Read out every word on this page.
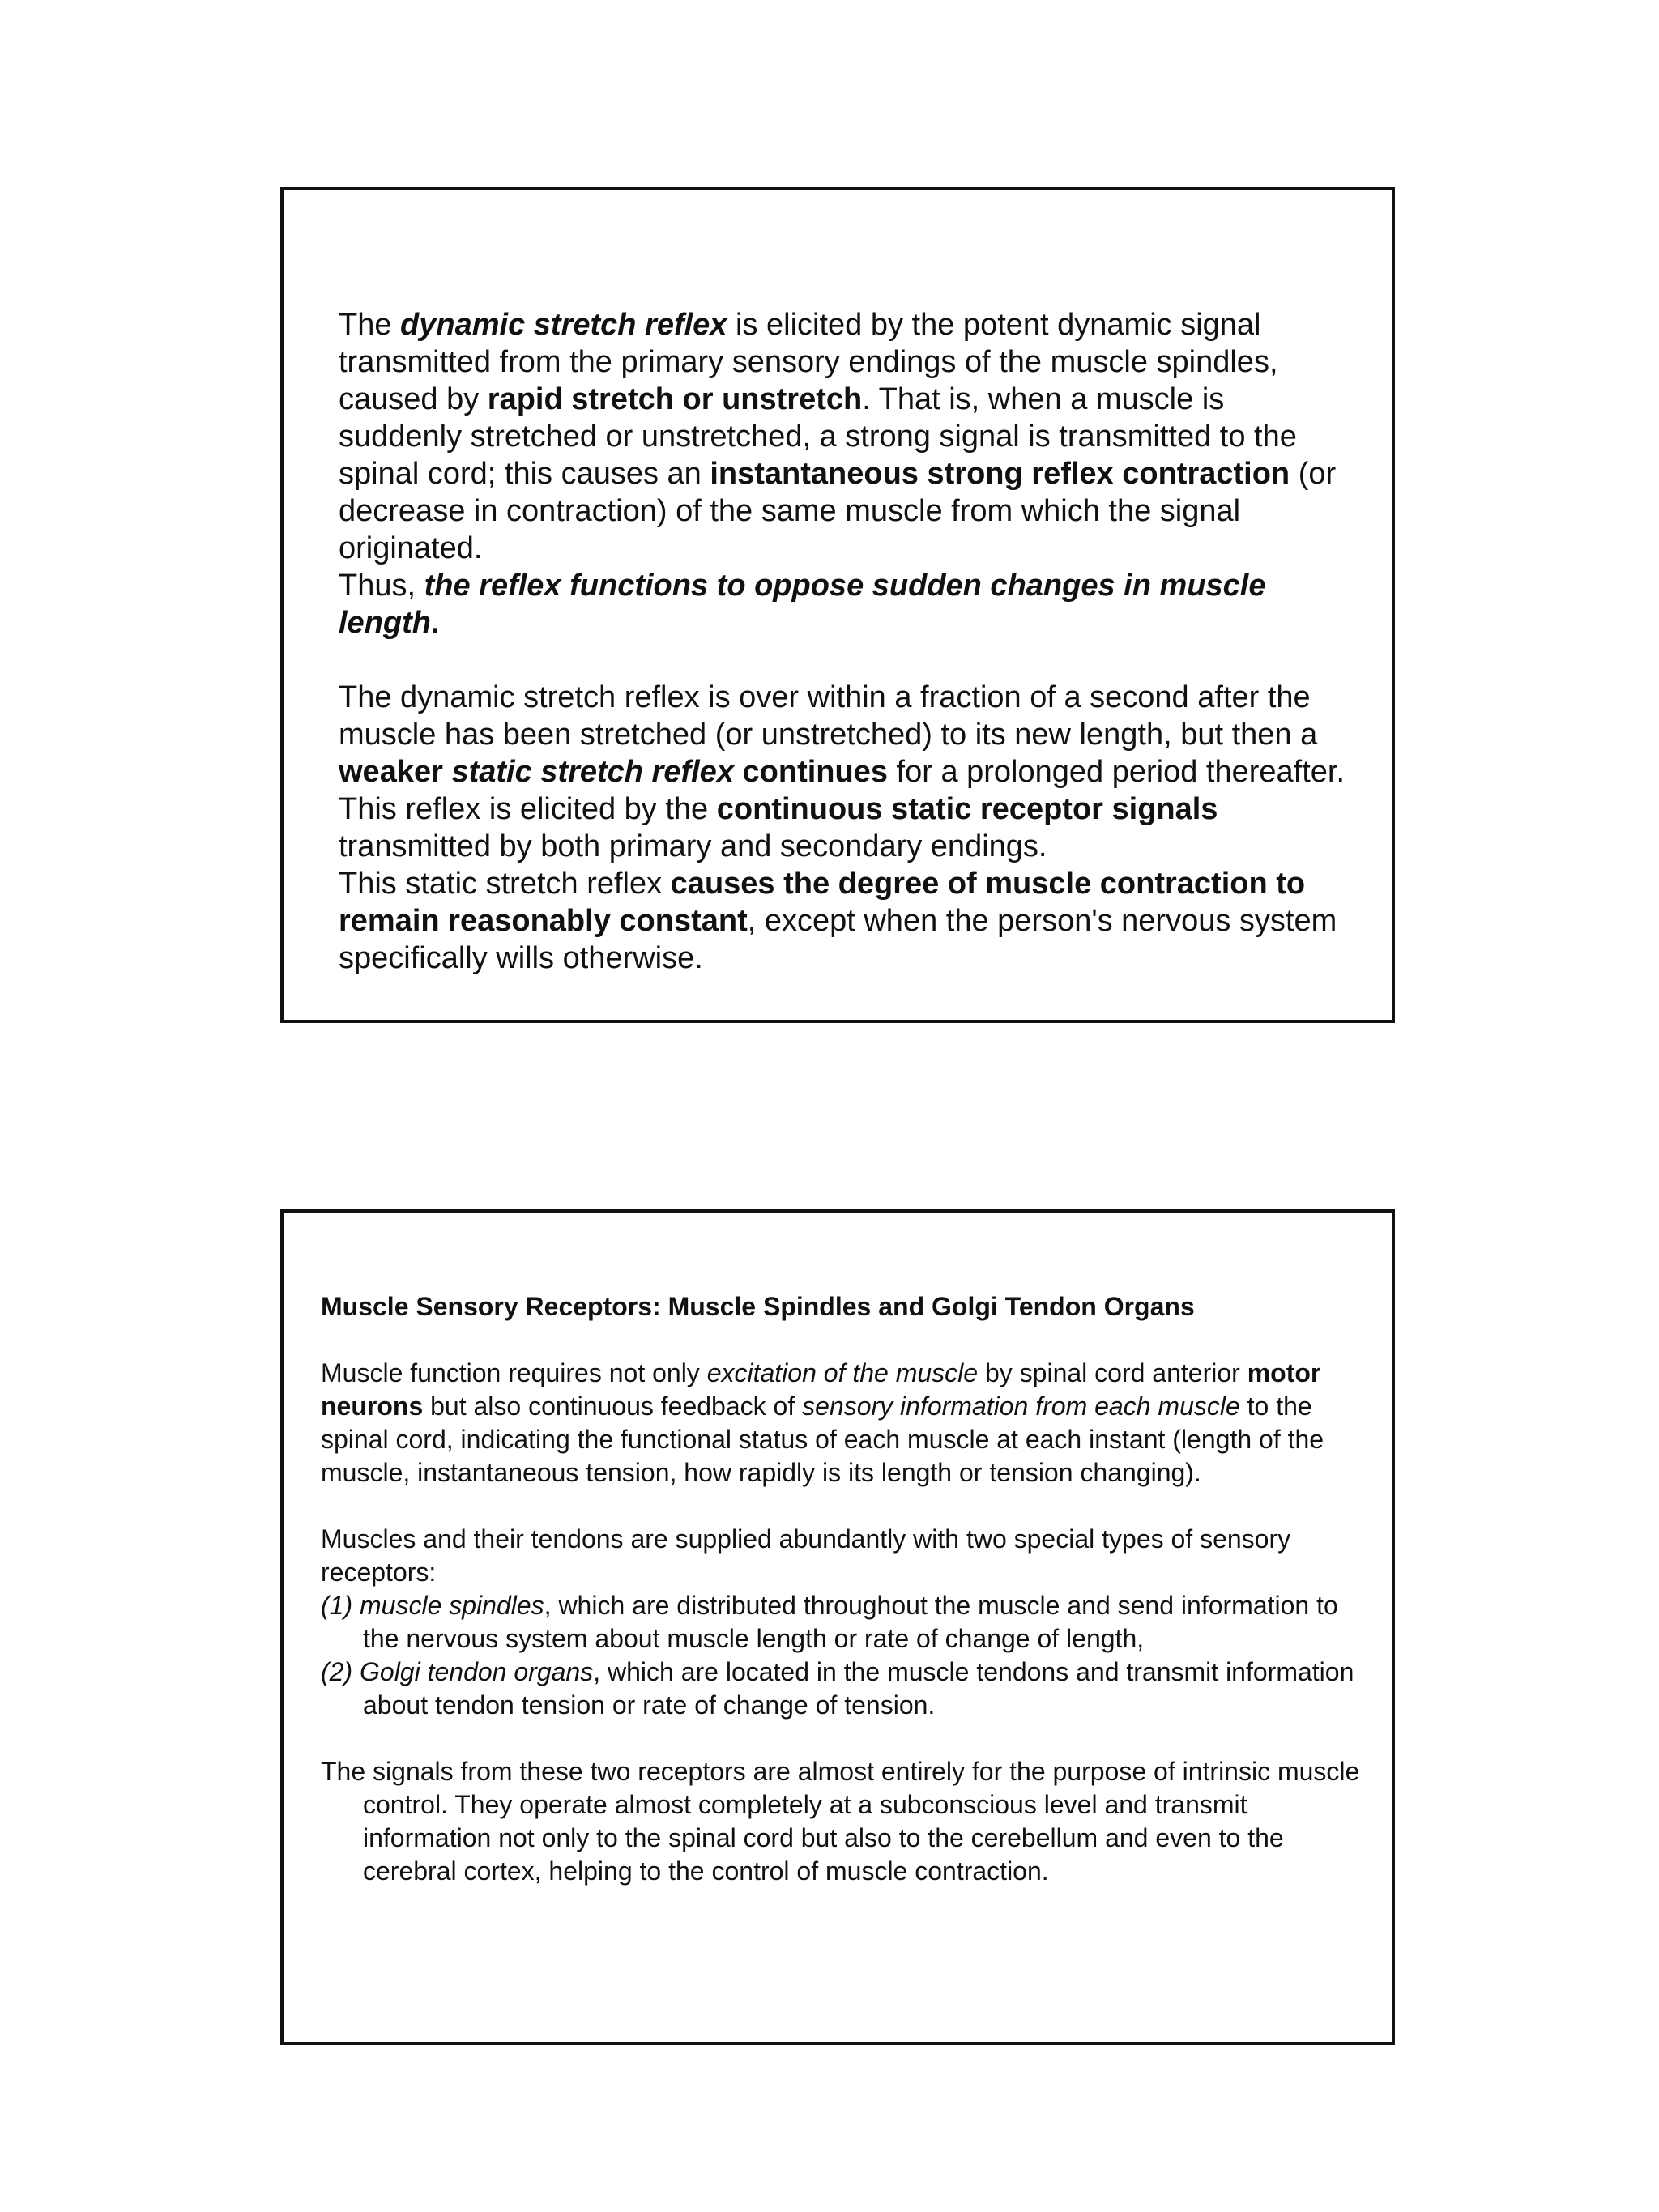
The dynamic stretch reflex is elicited by the potent dynamic signal transmitted from the primary sensory endings of the muscle spindles, caused by rapid stretch or unstretch. That is, when a muscle is suddenly stretched or unstretched, a strong signal is transmitted to the spinal cord; this causes an instantaneous strong reflex contraction (or decrease in contraction) of the same muscle from which the signal originated.

Thus, the reflex functions to oppose sudden changes in muscle length.

The dynamic stretch reflex is over within a fraction of a second after the muscle has been stretched (or unstretched) to its new length, but then a weaker static stretch reflex continues for a prolonged period thereafter. This reflex is elicited by the continuous static receptor signals transmitted by both primary and secondary endings.

This static stretch reflex causes the degree of muscle contraction to remain reasonably constant, except when the person's nervous system specifically wills otherwise.

Muscle Sensory Receptors: Muscle Spindles and Golgi Tendon Organs

Muscle function requires not only excitation of the muscle by spinal cord anterior motor neurons but also continuous feedback of sensory information from each muscle to the spinal cord, indicating the functional status of each muscle at each instant (length of the muscle, instantaneous tension, how rapidly is its length or tension changing).

Muscles and their tendons are supplied abundantly with two special types of sensory receptors:

(1) muscle spindles, which are distributed throughout the muscle and send information to the nervous system about muscle length or rate of change of length,

(2) Golgi tendon organs, which are located in the muscle tendons and transmit information about tendon tension or rate of change of tension.

The signals from these two receptors are almost entirely for the purpose of intrinsic muscle control. They operate almost completely at a subconscious level and transmit information not only to the spinal cord but also to the cerebellum and even to the cerebral cortex, helping to the control of muscle contraction.
